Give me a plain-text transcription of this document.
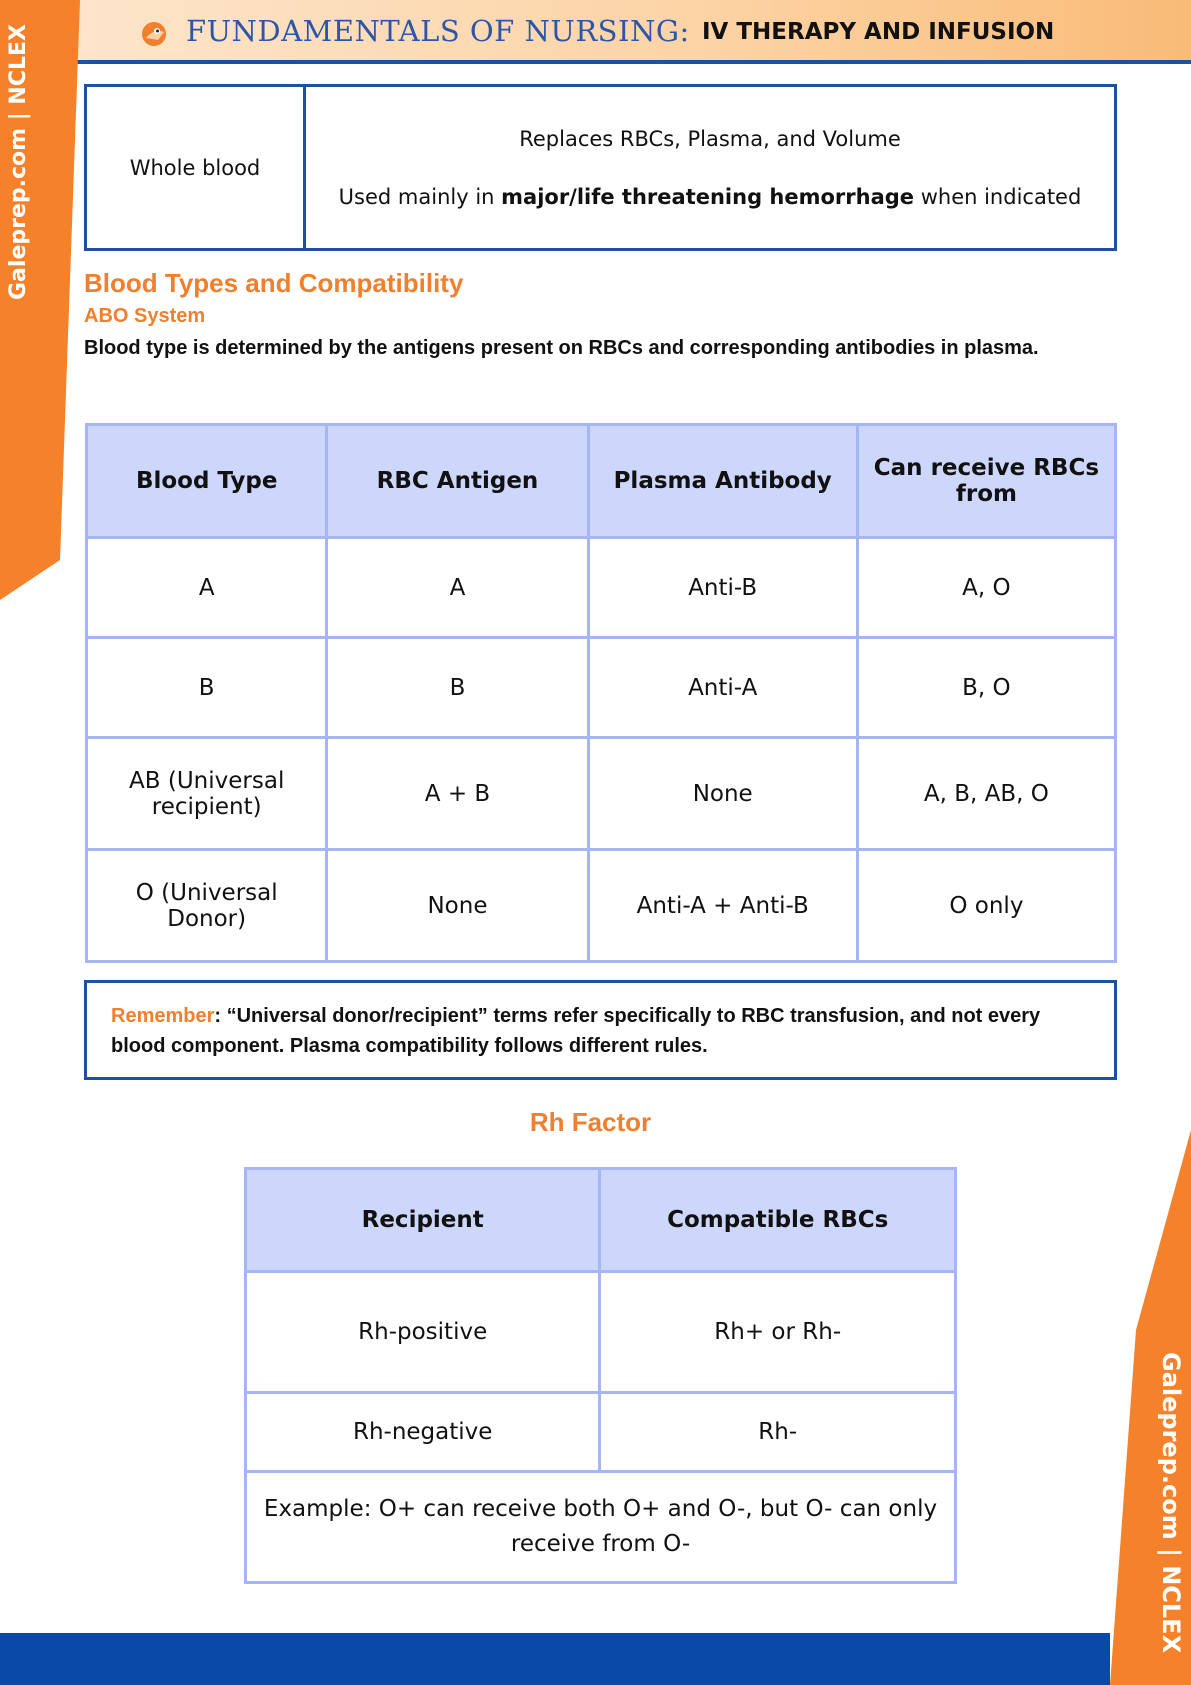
FUNDAMENTALS OF NURSING: IV THERAPY AND INFUSION
Galeprep.com | NCLEX
Galeprep.com | NCLEX
Whole blood
Replaces RBCs, Plasma, and Volume
Used mainly in major/life threatening hemorrhage when indicated
Blood Types and Compatibility
ABO System
Blood type is determined by the antigens present on RBCs and corresponding antibodies in plasma.
Blood Type	RBC Antigen	Plasma Antibody	Can receive RBCs from
A	A	Anti-B	A, O
B	B	Anti-A	B, O
AB (Universal recipient)	A + B	None	A, B, AB, O
O (Universal Donor)	None	Anti-A + Anti-B	O only
Remember: “Universal donor/recipient” terms refer specifically to RBC transfusion, and not every blood component. Plasma compatibility follows different rules.
Rh Factor
Recipient	Compatible RBCs
Rh-positive	Rh+ or Rh-
Rh-negative	Rh-
Example: O+ can receive both O+ and O-, but O- can only receive from O-	
